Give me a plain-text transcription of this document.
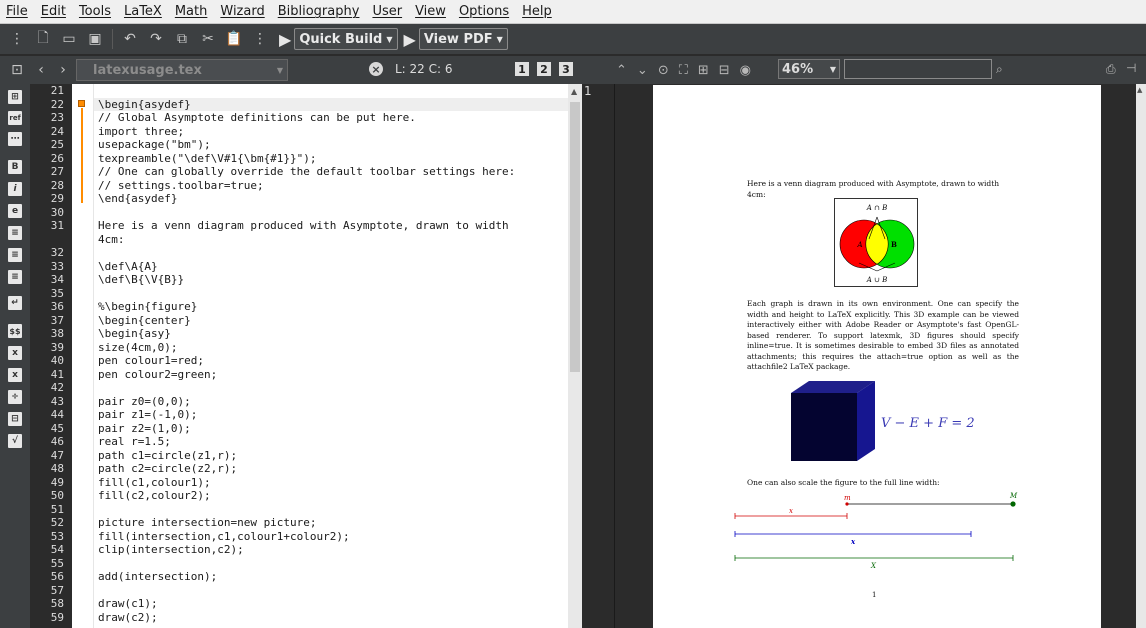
File Edit Tools LaTeX Math Wizard Bibliography User View Options Help
⋮ 🗋 ▭ ▣ ↶ ↷	⧉	✂ 📋 ⋮ ▶ Quick Build ▼ ▶ View PDF ▼
⊡	‹	›	latexusage.tex	▼	× L: 22 C: 6	1 2 3
⊞
ref
⋯
B
i
e
≡
≡
≡
↵
$$
x
x
÷
⊟
√
21
22
23
24
25
26
27
28
29
30
31
32
33
34
35
36
37
38
39
40
41
42
43
44
45
46
47
48
49
50
51
52
53
54
55
56
57
58
59
\begin{asydef}
// Global Asymptote definitions can be put here.
import three;
usepackage("bm");
texpreamble("\def\V#1{\bm{#1}}");
// One can globally override the default toolbar settings here:
// settings.toolbar=true;
\end{asydef}
Here is a venn diagram produced with Asymptote, drawn to width
4cm:
\def\A{A}
\def\B{\V{B}}
%\begin{figure}
\begin{center}
\begin{asy}
size(4cm,0);
pen colour1=red;
pen colour2=green;
pair z0=(0,0);
pair z1=(-1,0);
pair z2=(1,0);
real r=1.5;
path c1=circle(z1,r);
path c2=circle(z2,r);
fill(c1,colour1);
fill(c2,colour2);
picture intersection=new picture;
fill(intersection,c1,colour1+colour2);
clip(intersection,c2);
add(intersection);
draw(c1);
draw(c2);
▲
⌃ ⌄ ⊙ ⛶ ⊞ ⊟ ◉ 46% ▼	⌕	⎙ ⊣
1
Here is a venn diagram produced with Asymptote, drawn to width 4cm:
A ∩ B
A ∪ B
A	B
Each graph is drawn in its own environment. One can specify the width and height to LaTeX explicitly. This 3D example can be viewed interactively either with Adobe Reader or Asymptote's fast OpenGL-based renderer. To support latexmk, 3D figures should specify inline=true. It is sometimes desirable to embed 3D files as annotated attachments; this requires the attach=true option as well as the attachfile2 LaTeX package.
V − E + F = 2
One can also scale the figure to the full line width:
m	M
x
x
X
1
▲
